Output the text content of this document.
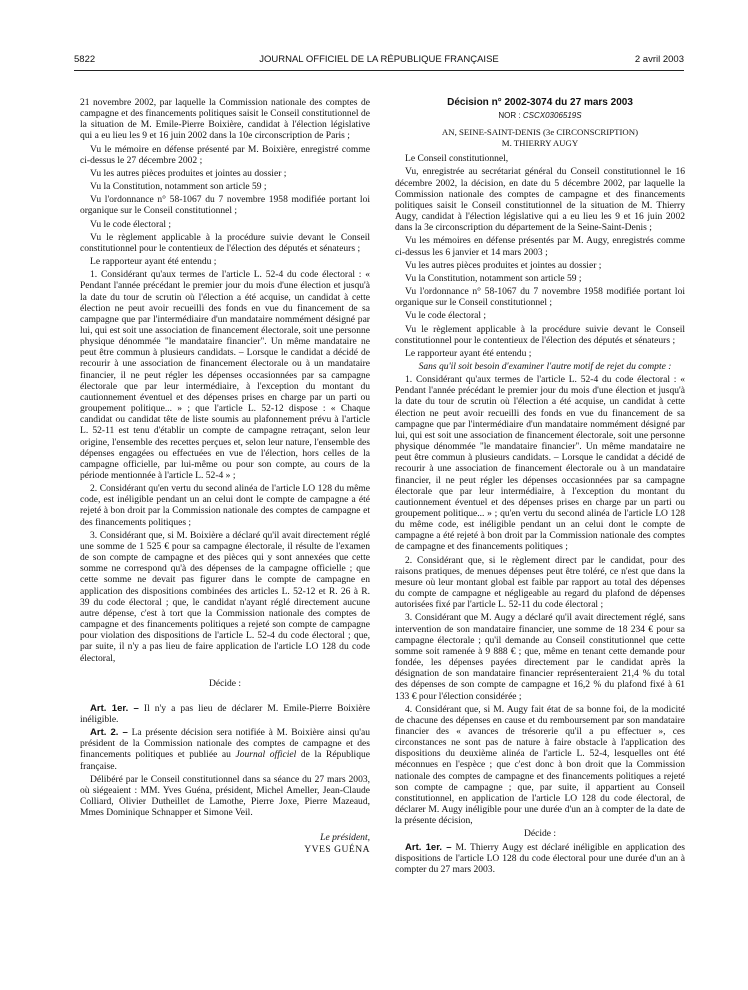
5822	JOURNAL OFFICIEL DE LA RÉPUBLIQUE FRANÇAISE	2 avril 2003

21 novembre 2002, par laquelle la Commission nationale des comptes de campagne et des financements politiques saisit le Conseil constitutionnel de la situation de M. Emile-Pierre Boixière, candidat à l'élection législative qui a eu lieu les 9 et 16 juin 2002 dans la 10e circonscription de Paris ;

Vu le mémoire en défense présenté par M. Boixière, enregistré comme ci-dessus le 27 décembre 2002 ;

Vu les autres pièces produites et jointes au dossier ;

Vu la Constitution, notamment son article 59 ;

Vu l'ordonnance n° 58-1067 du 7 novembre 1958 modifiée portant loi organique sur le Conseil constitutionnel ;

Vu le code électoral ;

Vu le règlement applicable à la procédure suivie devant le Conseil constitutionnel pour le contentieux de l'élection des députés et sénateurs ;

Le rapporteur ayant été entendu ;

1. Considérant qu'aux termes de l'article L. 52-4 du code électoral : « Pendant l'année précédant le premier jour du mois d'une élection et jusqu'à la date du tour de scrutin où l'élection a été acquise, un candidat à cette élection ne peut avoir recueilli des fonds en vue du financement de sa campagne que par l'intermédiaire d'un mandataire nommément désigné par lui, qui est soit une association de financement électorale, soit une personne physique dénommée "le mandataire financier". Un même mandataire ne peut être commun à plusieurs candidats. – Lorsque le candidat a décidé de recourir à une association de financement électorale ou à un mandataire financier, il ne peut régler les dépenses occasionnées par sa campagne électorale que par leur intermédiaire, à l'exception du montant du cautionnement éventuel et des dépenses prises en charge par un parti ou groupement politique... » ; que l'article L. 52-12 dispose : « Chaque candidat ou candidat tête de liste soumis au plafonnement prévu à l'article L. 52-11 est tenu d'établir un compte de campagne retraçant, selon leur origine, l'ensemble des recettes perçues et, selon leur nature, l'ensemble des dépenses engagées ou effectuées en vue de l'élection, hors celles de la campagne officielle, par lui-même ou pour son compte, au cours de la période mentionnée à l'article L. 52-4 » ;

2. Considérant qu'en vertu du second alinéa de l'article LO 128 du même code, est inéligible pendant un an celui dont le compte de campagne a été rejeté à bon droit par la Commission nationale des comptes de campagne et des financements politiques ;

3. Considérant que, si M. Boixière a déclaré qu'il avait directement réglé une somme de 1 525 € pour sa campagne électorale, il résulte de l'examen de son compte de campagne et des pièces qui y sont annexées que cette somme ne correspond qu'à des dépenses de la campagne officielle ; que cette somme ne devait pas figurer dans le compte de campagne en application des dispositions combinées des articles L. 52-12 et R. 26 à R. 39 du code électoral ; que, le candidat n'ayant réglé directement aucune autre dépense, c'est à tort que la Commission nationale des comptes de campagne et des financements politiques a rejeté son compte de campagne pour violation des dispositions de l'article L. 52-4 du code électoral ; que, par suite, il n'y a pas lieu de faire application de l'article LO 128 du code électoral,

Décide :

Art. 1er. – Il n'y a pas lieu de déclarer M. Emile-Pierre Boixière inéligible.

Art. 2. – La présente décision sera notifiée à M. Boixière ainsi qu'au président de la Commission nationale des comptes de campagne et des financements politiques et publiée au Journal officiel de la République française.

Délibéré par le Conseil constitutionnel dans sa séance du 27 mars 2003, où siégeaient : MM. Yves Guéna, président, Michel Ameller, Jean-Claude Colliard, Olivier Dutheillet de Lamothe, Pierre Joxe, Pierre Mazeaud, Mmes Dominique Schnapper et Simone Veil.

Le président,
YVES GUÉNA
Décision n° 2002-3074 du 27 mars 2003
NOR : CSCX0306519S
AN, SEINE-SAINT-DENIS (3e CIRCONSCRIPTION)
M. THIERRY AUGY

Le Conseil constitutionnel,

Vu, enregistrée au secrétariat général du Conseil constitutionnel le 16 décembre 2002, la décision, en date du 5 décembre 2002, par laquelle la Commission nationale des comptes de campagne et des financements politiques saisit le Conseil constitutionnel de la situation de M. Thierry Augy, candidat à l'élection législative qui a eu lieu les 9 et 16 juin 2002 dans la 3e circonscription du département de la Seine-Saint-Denis ;

Vu les mémoires en défense présentés par M. Augy, enregistrés comme ci-dessus les 6 janvier et 14 mars 2003 ;

Vu les autres pièces produites et jointes au dossier ;

Vu la Constitution, notamment son article 59 ;

Vu l'ordonnance n° 58-1067 du 7 novembre 1958 modifiée portant loi organique sur le Conseil constitutionnel ;

Vu le code électoral ;

Vu le règlement applicable à la procédure suivie devant le Conseil constitutionnel pour le contentieux de l'élection des députés et sénateurs ;

Le rapporteur ayant été entendu ;

Sans qu'il soit besoin d'examiner l'autre motif de rejet du compte :

1. Considérant qu'aux termes de l'article L. 52-4 du code électoral : « Pendant l'année précédant le premier jour du mois d'une élection et jusqu'à la date du tour de scrutin où l'élection a été acquise, un candidat à cette élection ne peut avoir recueilli des fonds en vue du financement de sa campagne que par l'intermédiaire d'un mandataire nommément désigné par lui, qui est soit une association de financement électorale, soit une personne physique dénommée "le mandataire financier". Un même mandataire ne peut être commun à plusieurs candidats. – Lorsque le candidat a décidé de recourir à une association de financement électorale ou à un mandataire financier, il ne peut régler les dépenses occasionnées par sa campagne électorale que par leur intermédiaire, à l'exception du montant du cautionnement éventuel et des dépenses prises en charge par un parti ou groupement politique... » ; qu'en vertu du second alinéa de l'article LO 128 du même code, est inéligible pendant un an celui dont le compte de campagne a été rejeté à bon droit par la Commission nationale des comptes de campagne et des financements politiques ;

2. Considérant que, si le règlement direct par le candidat, pour des raisons pratiques, de menues dépenses peut être toléré, ce n'est que dans la mesure où leur montant global est faible par rapport au total des dépenses du compte de campagne et négligeable au regard du plafond de dépenses autorisées fixé par l'article L. 52-11 du code électoral ;

3. Considérant que M. Augy a déclaré qu'il avait directement réglé, sans intervention de son mandataire financier, une somme de 18 234 € pour sa campagne électorale ; qu'il demande au Conseil constitutionnel que cette somme soit ramenée à 9 888 € ; que, même en tenant cette demande pour fondée, les dépenses payées directement par le candidat après la désignation de son mandataire financier représenteraient 21,4 % du total des dépenses de son compte de campagne et 16,2 % du plafond fixé à 61 133 € pour l'élection considérée ;

4. Considérant que, si M. Augy fait état de sa bonne foi, de la modicité de chacune des dépenses en cause et du remboursement par son mandataire financier des « avances de trésorerie qu'il a pu effectuer », ces circonstances ne sont pas de nature à faire obstacle à l'application des dispositions du deuxième alinéa de l'article L. 52-4, lesquelles ont été méconnues en l'espèce ; que c'est donc à bon droit que la Commission nationale des comptes de campagne et des financements politiques a rejeté son compte de campagne ; que, par suite, il appartient au Conseil constitutionnel, en application de l'article LO 128 du code électoral, de déclarer M. Augy inéligible pour une durée d'un an à compter de la date de la présente décision,

Décide :

Art. 1er. – M. Thierry Augy est déclaré inéligible en application des dispositions de l'article LO 128 du code électoral pour une durée d'un an à compter du 27 mars 2003.
